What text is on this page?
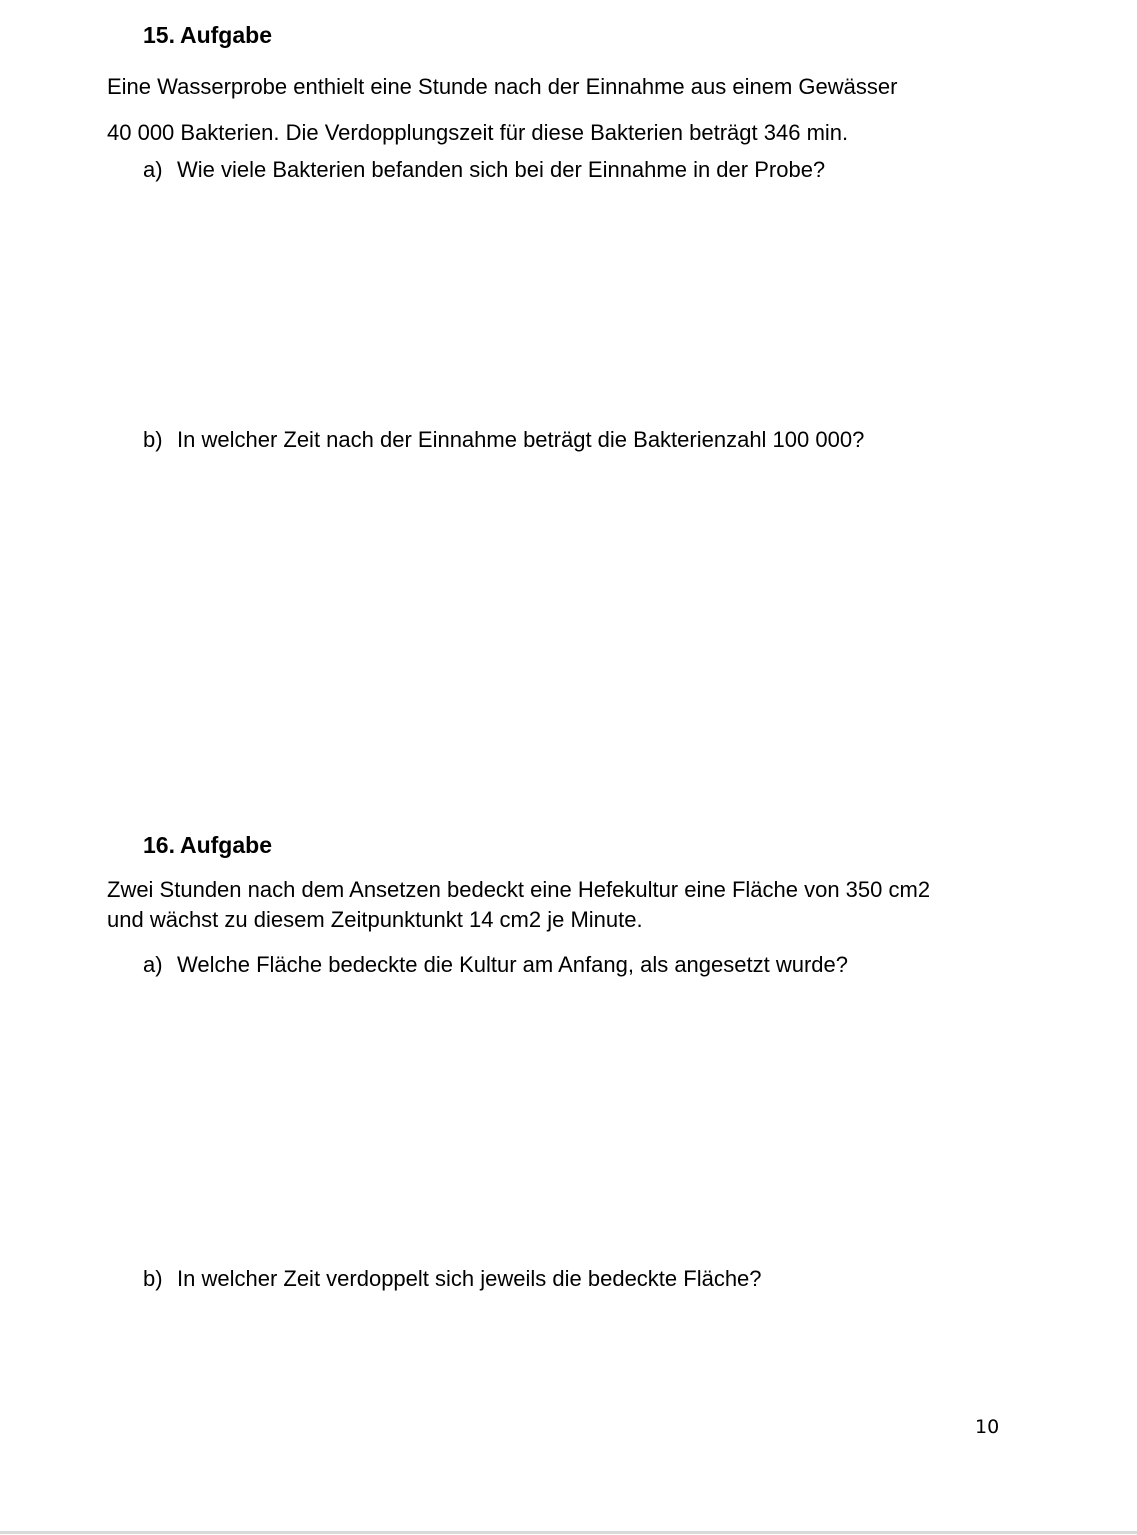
15. Aufgabe
Eine Wasserprobe enthielt eine Stunde nach der Einnahme aus einem Gewässer
40 000 Bakterien. Die Verdopplungszeit für diese Bakterien beträgt 346 min.
a) Wie viele Bakterien befanden sich bei der Einnahme in der Probe?
b) In welcher Zeit nach der Einnahme beträgt die Bakterienzahl 100 000?
16. Aufgabe
Zwei Stunden nach dem Ansetzen bedeckt eine Hefekultur eine Fläche von 350 cm2
und wächst zu diesem Zeitpunktunkt 14 cm2 je Minute.
a) Welche Fläche bedeckte die Kultur am Anfang, als angesetzt wurde?
b) In welcher Zeit verdoppelt sich jeweils die bedeckte Fläche?
10
